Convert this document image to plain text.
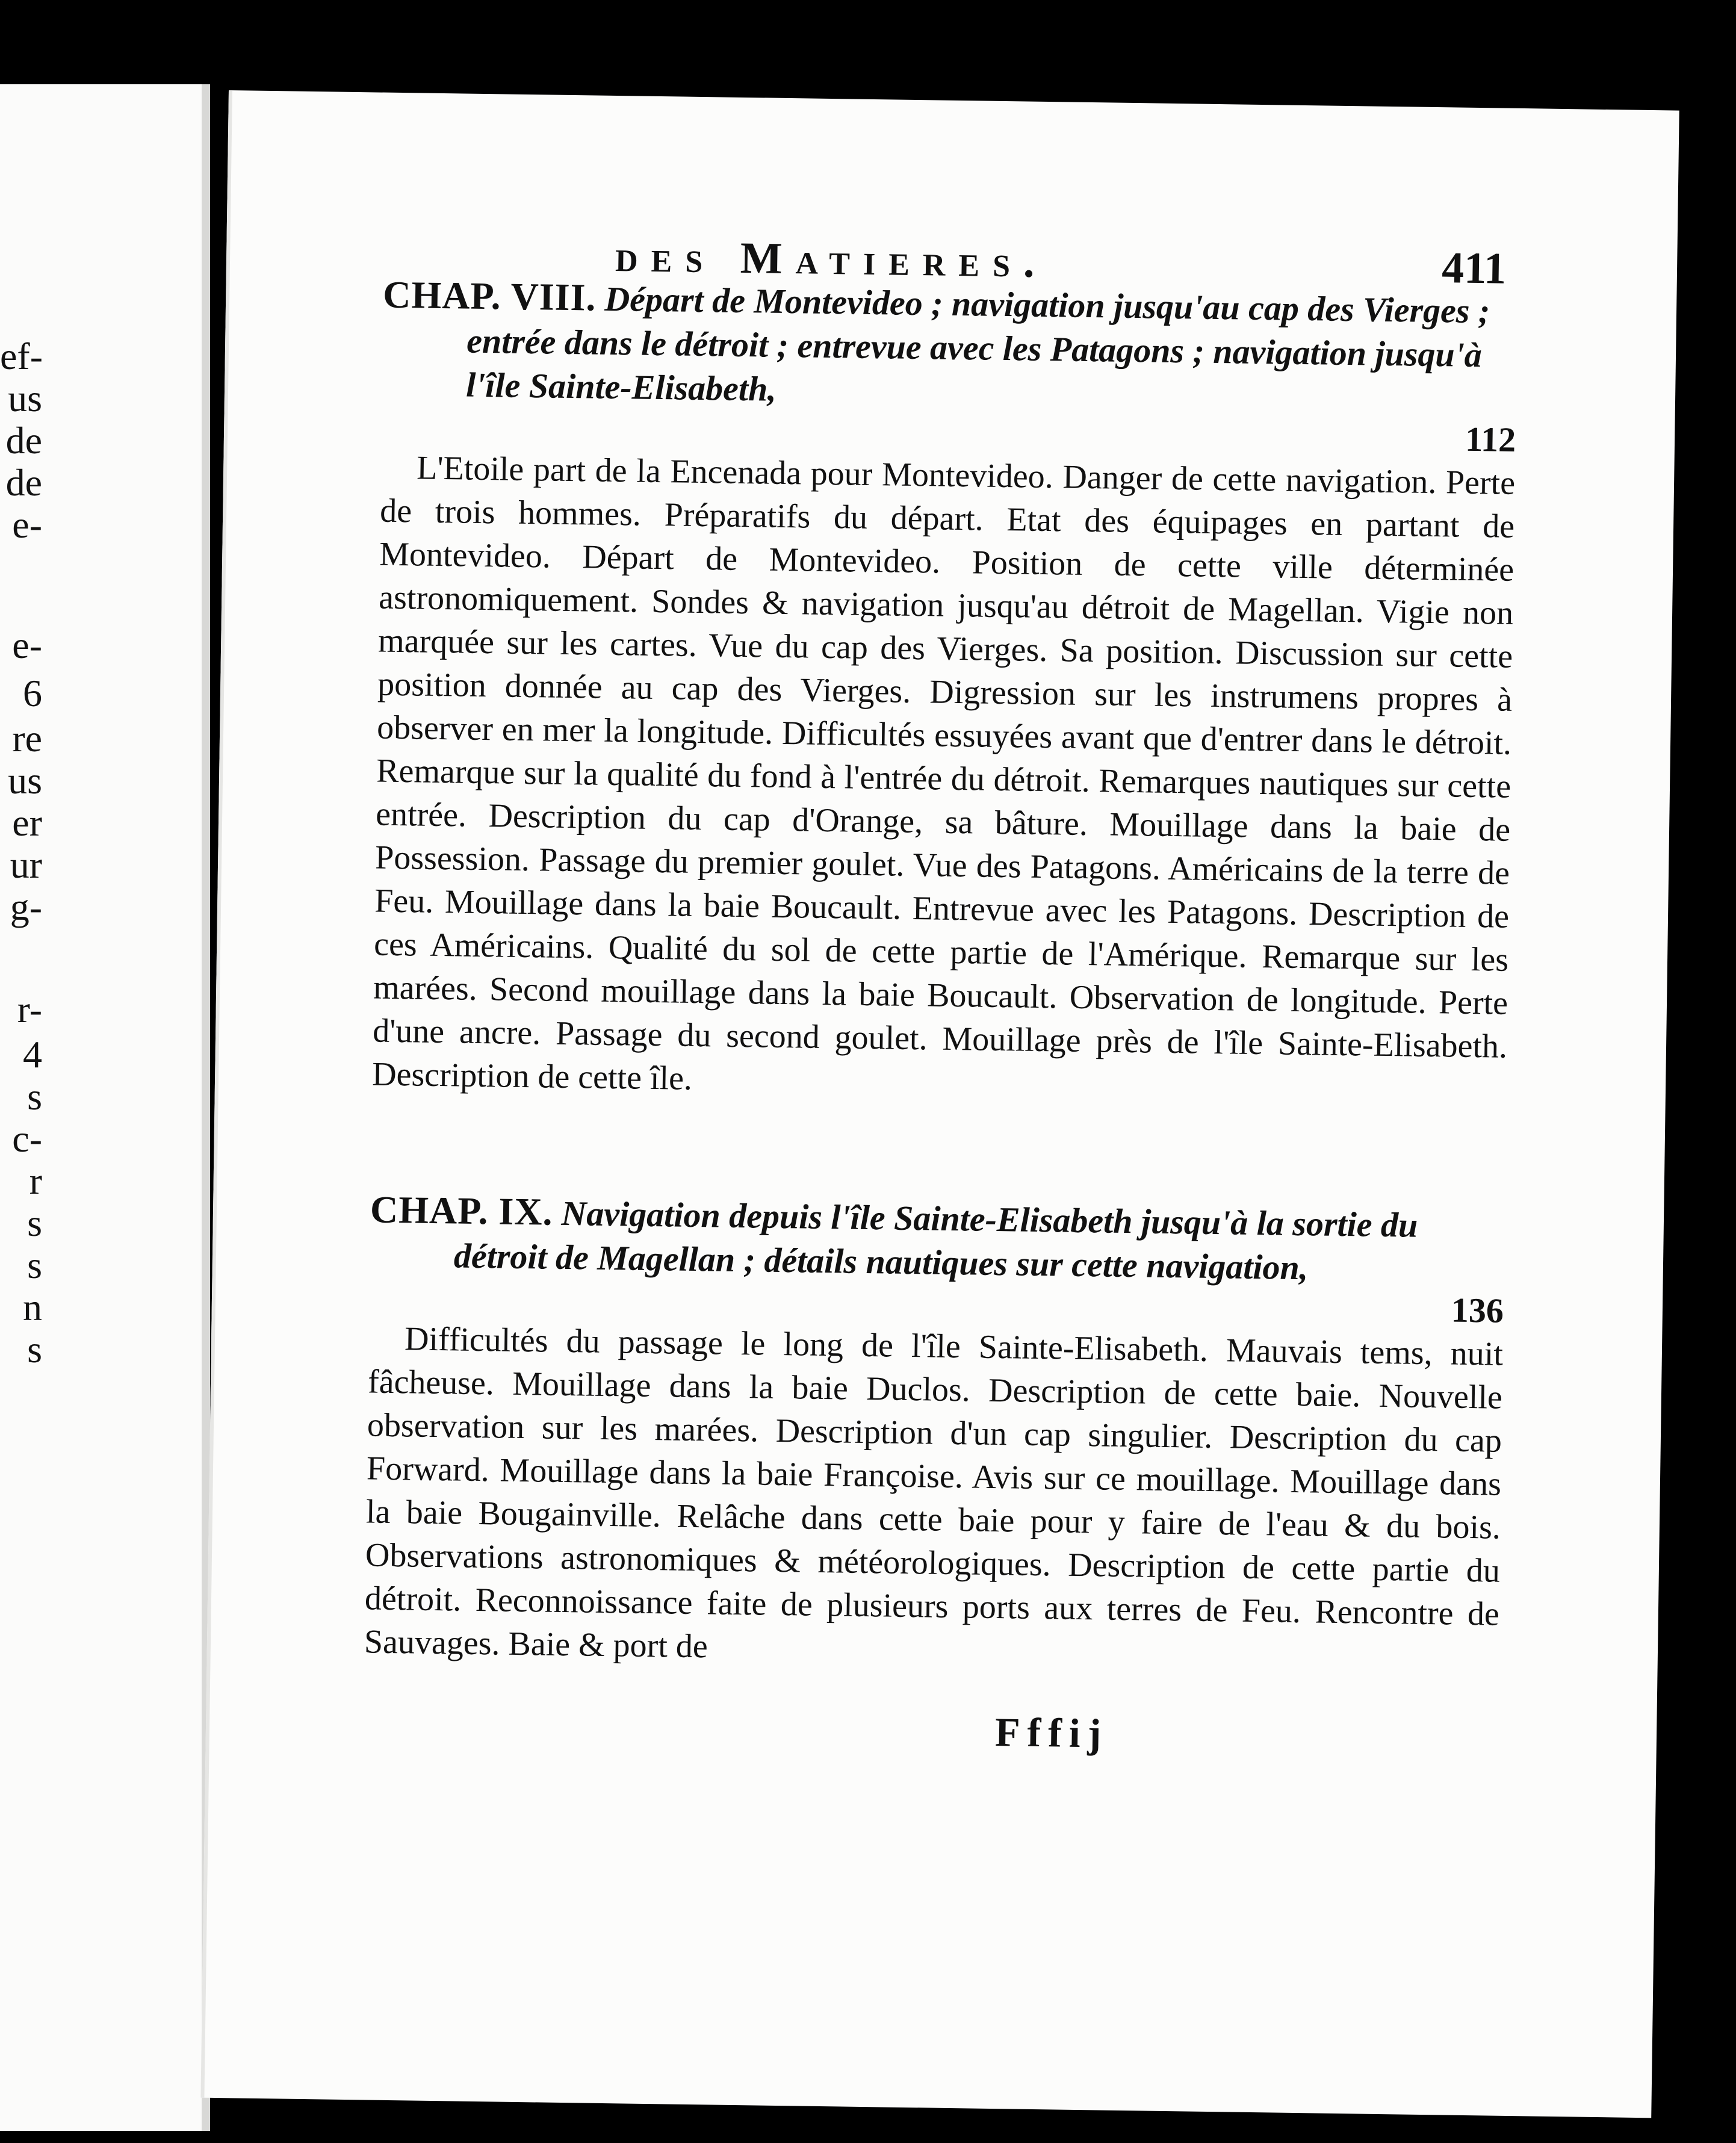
ef-
us
de
de
e-
e-
6
re
us
er
ur
g-
r-
4
s
c-
r
s
s
n
s
des Matieres.	411

CHAP. VIII. Départ de Montevideo ; navigation jusqu'au cap des Vierges ; entrée dans le détroit ; entrevue avec les Patagons ; navigation jusqu'à l'île Sainte-Elisabeth,

112

L'Etoile part de la Encenada pour Montevideo. Danger de cette navigation. Perte de trois hommes. Préparatifs du départ. Etat des équipages en partant de Montevideo. Départ de Montevideo. Position de cette ville déterminée astronomiquement. Sondes & navigation jusqu'au détroit de Magellan. Vigie non marquée sur les cartes. Vue du cap des Vierges. Sa position. Discussion sur cette position donnée au cap des Vierges. Digression sur les instrumens propres à observer en mer la longitude. Difficultés essuyées avant que d'entrer dans le détroit. Remarque sur la qualité du fond à l'entrée du détroit. Remarques nautiques sur cette entrée. Description du cap d'Orange, sa bâture. Mouillage dans la baie de Possession. Passage du premier goulet. Vue des Patagons. Américains de la terre de Feu. Mouillage dans la baie Boucault. Entrevue avec les Patagons. Description de ces Américains. Qualité du sol de cette partie de l'Amérique. Remarque sur les marées. Second mouillage dans la baie Boucault. Observation de longitude. Perte d'une ancre. Passage du second goulet. Mouillage près de l'île Sainte-Elisabeth. Description de cette île.

CHAP. IX. Navigation depuis l'île Sainte-Elisabeth jusqu'à la sortie du détroit de Magellan ; détails nautiques sur cette navigation,

136

Difficultés du passage le long de l'île Sainte-Elisabeth. Mauvais tems, nuit fâcheuse. Mouillage dans la baie Duclos. Description de cette baie. Nouvelle observation sur les marées. Description d'un cap singulier. Description du cap Forward. Mouillage dans la baie Françoise. Avis sur ce mouillage. Mouillage dans la baie Bougainville. Relâche dans cette baie pour y faire de l'eau & du bois. Observations astronomiques & météorologiques. Description de cette partie du détroit. Reconnoissance faite de plusieurs ports aux terres de Feu. Rencontre de Sauvages. Baie & port de

Fffij
